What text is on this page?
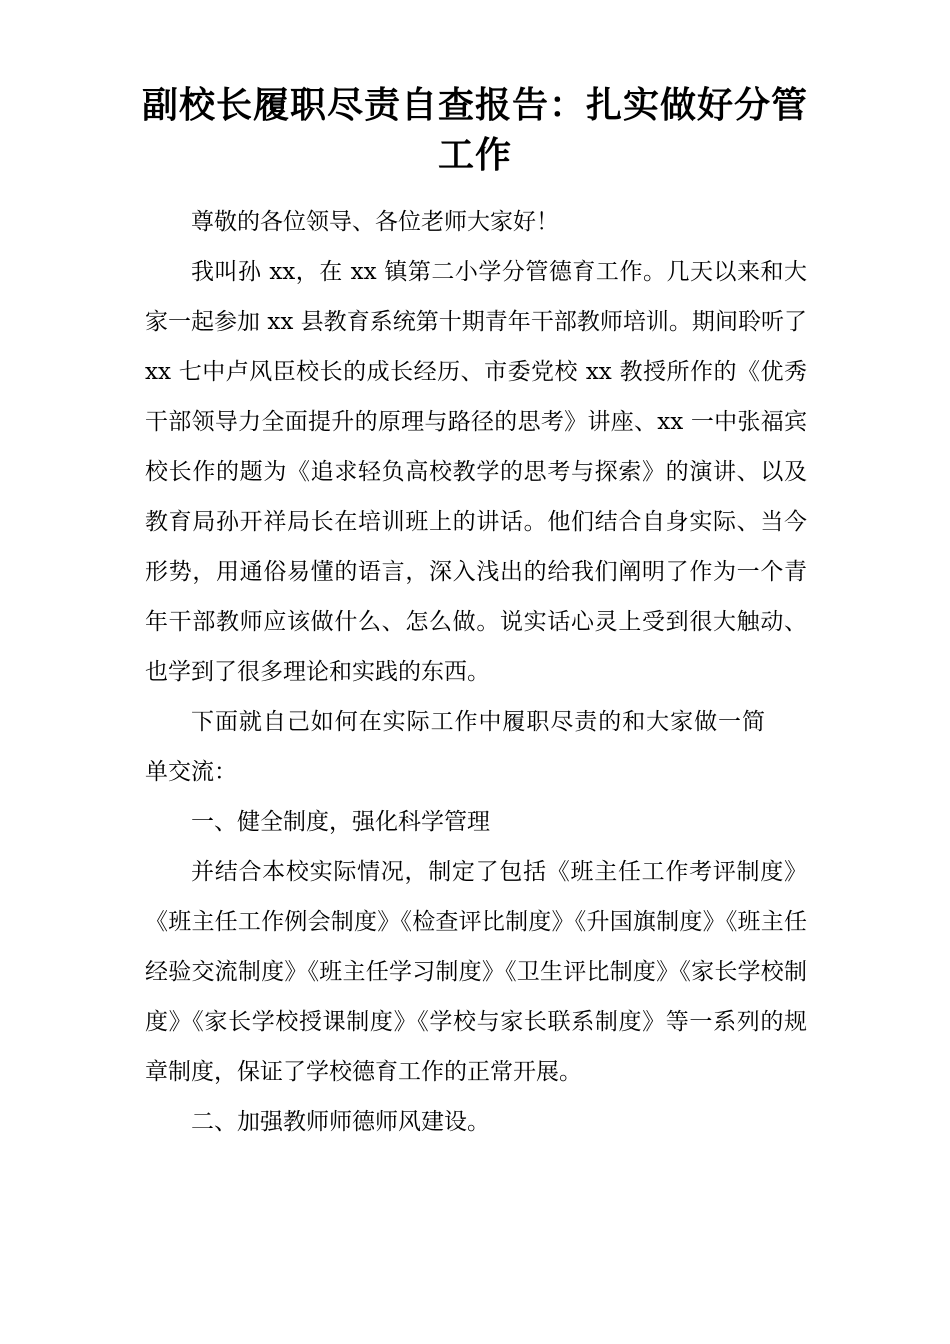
副校长履职尽责自查报告：扎实做好分管工作

尊敬的各位领导、各位老师大家好！

我叫孙 xx，在 xx 镇第二小学分管德育工作。几天以来和大家一起参加 xx 县教育系统第十期青年干部教师培训。期间聆听了 xx 七中卢风臣校长的成长经历、市委党校 xx 教授所作的《优秀干部领导力全面提升的原理与路径的思考》讲座、xx 一中张福宾校长作的题为《追求轻负高校教学的思考与探索》的演讲、以及教育局孙开祥局长在培训班上的讲话。他们结合自身实际、当今形势，用通俗易懂的语言，深入浅出的给我们阐明了作为一个青年干部教师应该做什么、怎么做。说实话心灵上受到很大触动、也学到了很多理论和实践的东西。

下面就自己如何在实际工作中履职尽责的和大家做一简单交流：

一、健全制度，强化科学管理

并结合本校实际情况，制定了包括《班主任工作考评制度》《班主任工作例会制度》《检查评比制度》《升国旗制度》《班主任经验交流制度》《班主任学习制度》《卫生评比制度》《家长学校制度》《家长学校授课制度》《学校与家长联系制度》等一系列的规章制度，保证了学校德育工作的正常开展。

二、加强教师师德师风建设。
